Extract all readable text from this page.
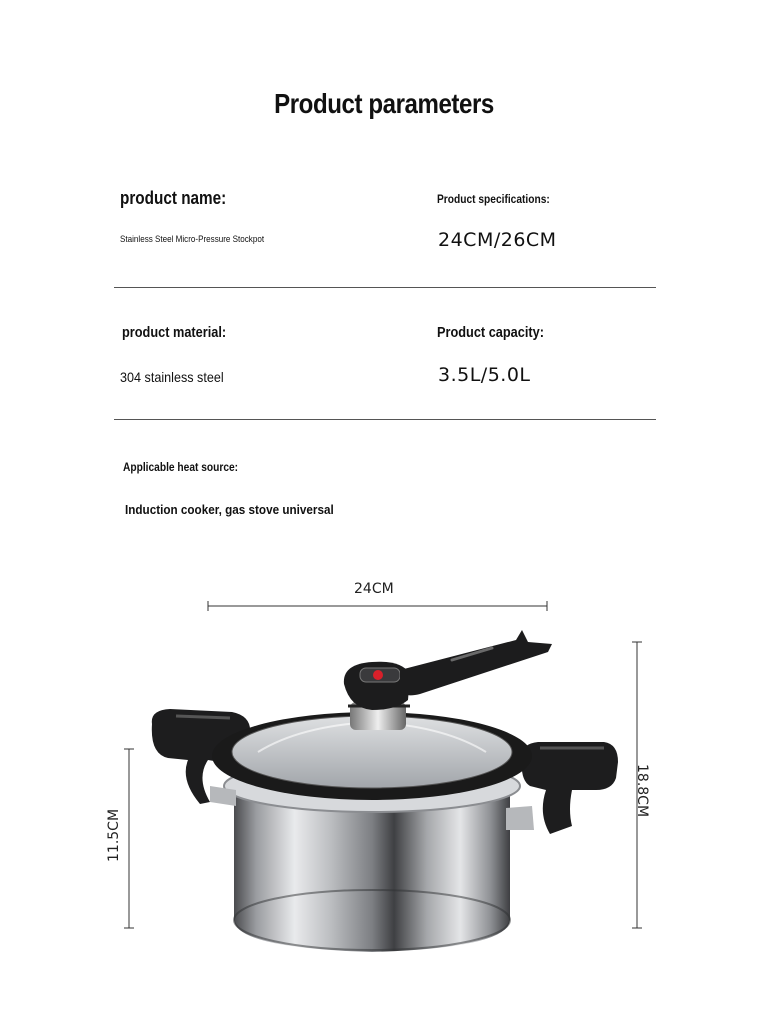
Product parameters
product name:
Stainless Steel Micro-Pressure Stockpot
Product specifications:
24CM/26CM
product material:
304 stainless steel
Product capacity:
3.5L/5.0L
Applicable heat source:
Induction cooker, gas stove universal
24CM
18.8CM
11.5CM
